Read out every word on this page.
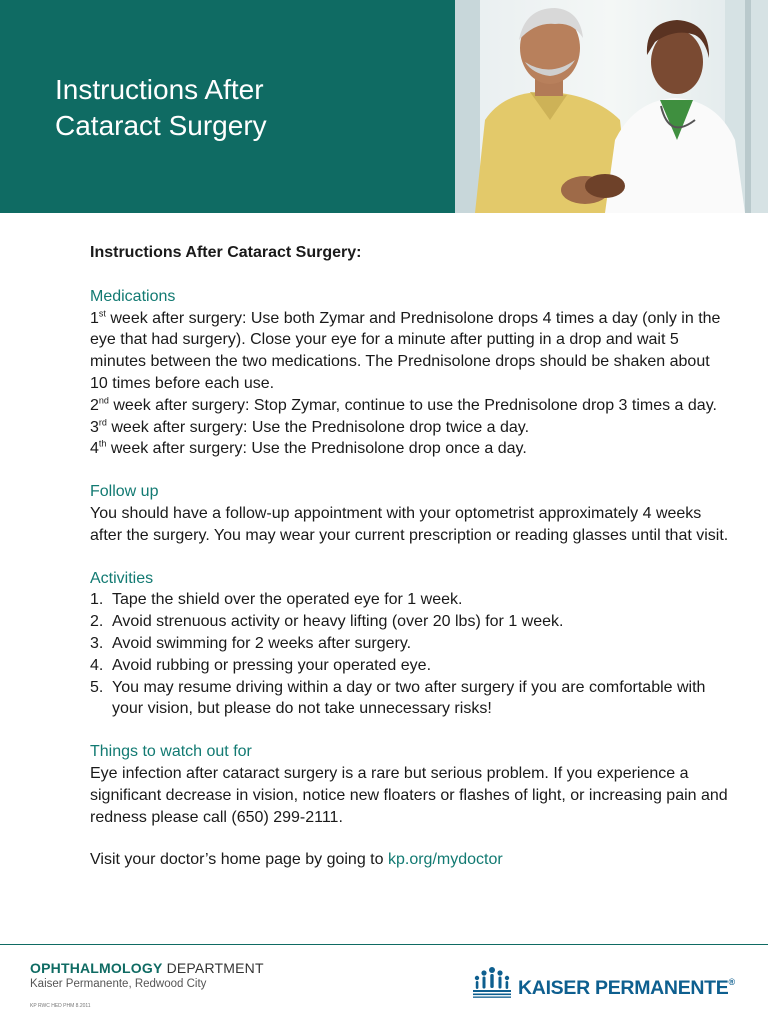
Instructions After
Cataract Surgery
Instructions After Cataract Surgery:
Medications
1st week after surgery: Use both Zymar and Prednisolone drops 4 times a day (only in the eye that had surgery). Close your eye for a minute after putting in a drop and wait 5 minutes between the two medications. The Prednisolone drops should be shaken about 10 times before each use.
2nd week after surgery: Stop Zymar, continue to use the Prednisolone drop 3 times a day.
3rd week after surgery: Use the Prednisolone drop twice a day.
4th week after surgery: Use the Prednisolone drop once a day.
Follow up
You should have a follow-up appointment with your optometrist approximately 4 weeks after the surgery. You may wear your current prescription or reading glasses until that visit.
Activities
1. Tape the shield over the operated eye for 1 week.
2. Avoid strenuous activity or heavy lifting (over 20 lbs) for 1 week.
3. Avoid swimming for 2 weeks after surgery.
4. Avoid rubbing or pressing your operated eye.
5. You may resume driving within a day or two after surgery if you are comfortable with your vision, but please do not take unnecessary risks!
Things to watch out for
Eye infection after cataract surgery is a rare but serious problem. If you experience a significant decrease in vision, notice new floaters or flashes of light, or increasing pain and redness please call (650) 299-2111.
Visit your doctor’s home page by going to kp.org/mydoctor
OPHTHALMOLOGY DEPARTMENT
Kaiser Permanente, Redwood City
KP RWC HED PHM 8.2011
KAISER PERMANENTE®
